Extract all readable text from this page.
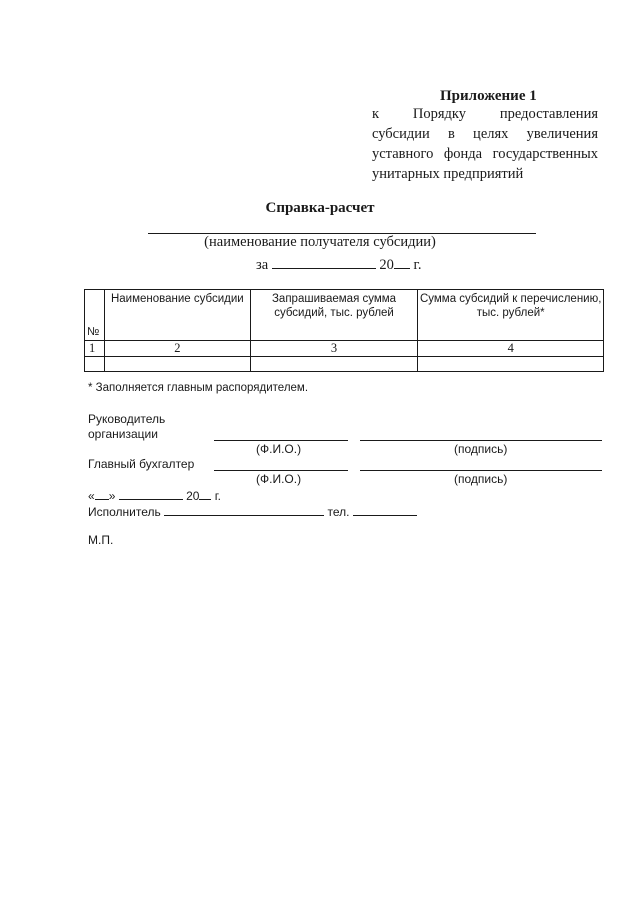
Приложение 1
к Порядку предоставления субсидии в целях увеличения уставного фонда государственных унитарных предприятий
Справка-расчет
(наименование получателя субсидии)
за	20 г.
№	Наименование субсидии	Запрашиваемая сумма субсидий, тыс. рублей	Сумма субсидий к перечислению, тыс. рублей*
1	2	3	4

* Заполняется главным распорядителем.
Руководитель
организации
(Ф.И.О.)	(подпись)
Главный бухгалтер
(Ф.И.О.)	(подпись)
« »	20 г.
Исполнитель	тел.
М.П.
